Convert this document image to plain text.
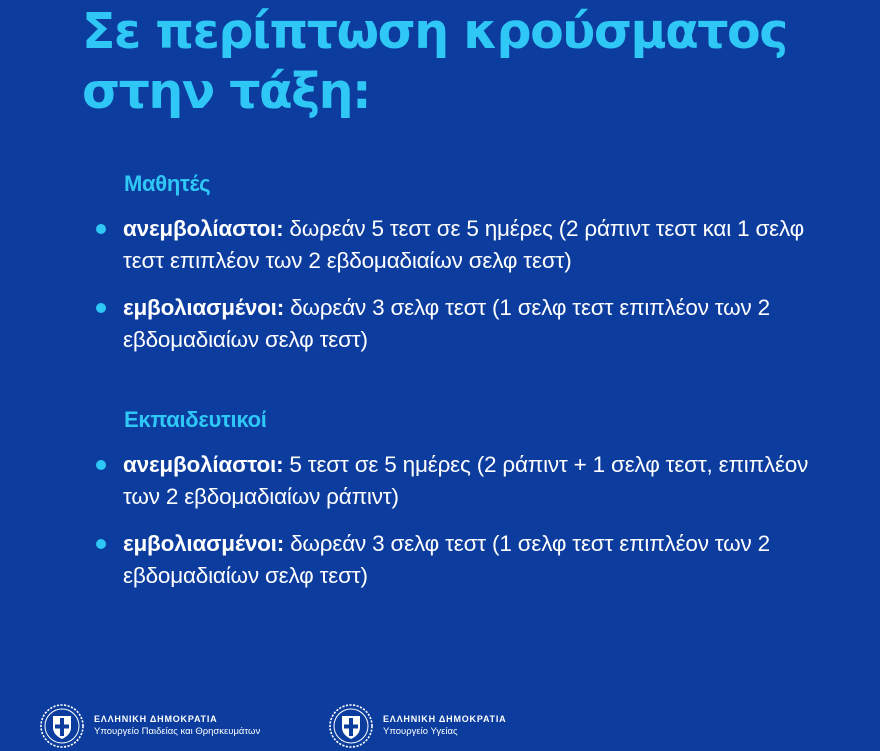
Σε περίπτωση κρούσματος στην τάξη:
Μαθητές
ανεμβολίαστοι: δωρεάν 5 τεστ σε 5 ημέρες (2 ράπιντ τεστ και 1 σελφ τεστ επιπλέον των 2 εβδομαδιαίων σελφ τεστ)
εμβολιασμένοι: δωρεάν 3 σελφ τεστ (1 σελφ τεστ επιπλέον των 2 εβδομαδιαίων σελφ τεστ)
Εκπαιδευτικοί
ανεμβολίαστοι: 5 τεστ σε 5 ημέρες (2 ράπιντ + 1 σελφ τεστ, επιπλέον των 2 εβδομαδιαίων ράπιντ)
εμβολιασμένοι: δωρεάν 3 σελφ τεστ (1 σελφ τεστ επιπλέον των 2 εβδομαδιαίων σελφ τεστ)
ΕΛΛΗΝΙΚΗ ΔΗΜΟΚΡΑΤΙΑ
Υπουργείο Παιδείας και Θρησκευμάτων
ΕΛΛΗΝΙΚΗ ΔΗΜΟΚΡΑΤΙΑ
Υπουργείο Υγείας
